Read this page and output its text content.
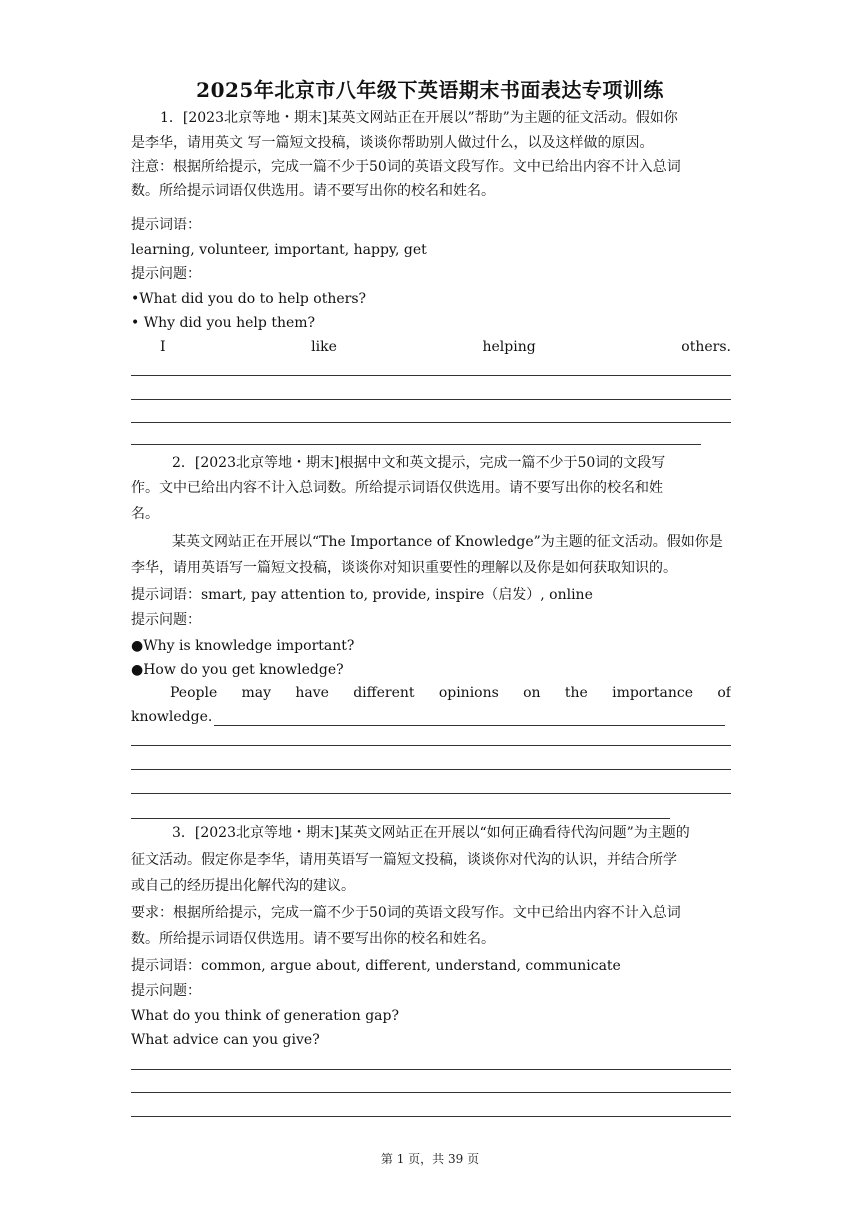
2025年北京市八年级下英语期末书面表达专项训练
1．[2023北京等地・期末]某英文网站正在开展以”帮助”为主题的征文活动。假如你
是李华，请用英文 写一篇短文投稿，谈谈你帮助别人做过什么，以及这样做的原因。
注意：根据所给提示，完成一篇不少于50词的英语文段写作。文中已给出内容不计入总词
数。所给提示词语仅供选用。请不要写出你的校名和姓名。
提示词语：
learning, volunteer, important, happy, get
提示问题：
•What did you do to help others?
• Why did you help them?
I	like	helping	others.
2．[2023北京等地・期末]根据中文和英文提示，完成一篇不少于50词的文段写
作。文中已给出内容不计入总词数。所给提示词语仅供选用。请不要写出你的校名和姓
名。
某英文网站正在开展以“The Importance of Knowledge”为主题的征文活动。假如你是
李华，请用英语写一篇短文投稿，谈谈你对知识重要性的理解以及你是如何获取知识的。
提示词语：smart, pay attention to, provide, inspire（启发）, online
提示问题：
●Why is knowledge important?
●How do you get knowledge?
People may have different opinions on the importance of
knowledge.
3．[2023北京等地・期末]某英文网站正在开展以“如何正确看待代沟问题”为主题的
征文活动。假定你是李华，请用英语写一篇短文投稿，谈谈你对代沟的认识，并结合所学
或自己的经历提出化解代沟的建议。
要求：根据所给提示，完成一篇不少于50词的英语文段写作。文中已给出内容不计入总词
数。所给提示词语仅供选用。请不要写出你的校名和姓名。
提示词语：common, argue about, different, understand, communicate
提示问题：
What do you think of generation gap?
What advice can you give?
第 1 页，共 39 页
